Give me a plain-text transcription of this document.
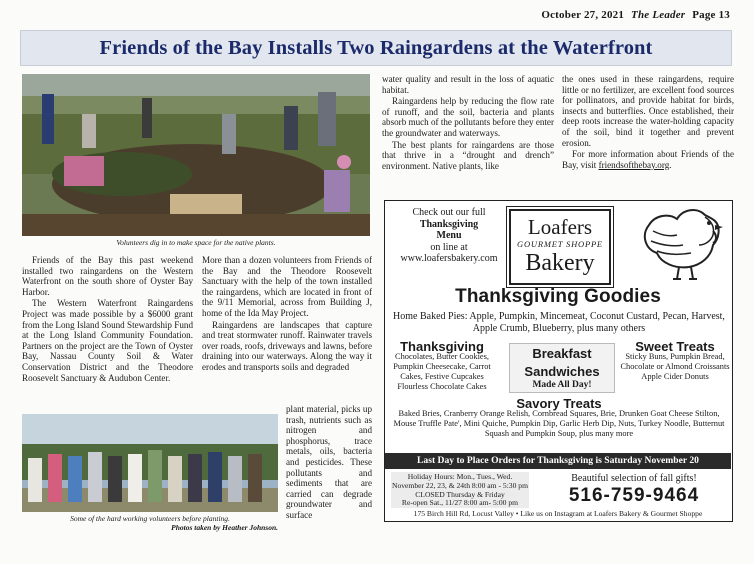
October 27, 2021 The Leader Page 13
Friends of the Bay Installs Two Raingardens at the Waterfront
Volunteers dig in to make space for the native plants.

Friends of the Bay this past weekend installed two raingardens on the Western Waterfront on the south shore of Oyster Bay Harbor.

The Western Waterfront Raingardens Project was made possible by a $6000 grant from the Long Island Sound Stewardship Fund at the Long Island Community Foundation. Partners on the project are the Town of Oyster Bay, Nassau County Soil & Water Conservation District and the Theodore Roosevelt Sanctuary & Audubon Center.

More than a dozen volunteers from Friends of the Bay and the Theodore Roosevelt Sanctuary with the help of the town installed the raingardens, which are located in front of the 9/11 Memorial, across from Building J, home of the Ida May Project.

Raingardens are landscapes that capture and treat stormwater runoff. Rainwater travels over roads, roofs, driveways and lawns, before draining into our waterways. Along the way it erodes and transports soils and degraded

Some of the hard working volunteers before planting.
Photos taken by Heather Johnson.

plant material, picks up trash, nutrients such as nitrogen and phosphorus, trace metals, oils, bacteria and pesticides. These pollutants and sediments that are carried can degrade groundwater and surface

water quality and result in the loss of aquatic habitat.

Raingardens help by reducing the flow rate of runoff, and the soil, bacteria and plants absorb much of the pollutants before they enter the groundwater and waterways.

The best plants for raingardens are those that thrive in a “drought and drench” environment. Native plants, like

the ones used in these raingardens, require little or no fertilizer, are excellent food sources for pollinators, and provide habitat for birds, insects and butterflies. Once established, their deep roots increase the water-holding capacity of the soil, bind it together and prevent erosion.

For more information about Friends of the Bay, visit friendsofthebay.org.

Check out our full
Thanksgiving
Menu
on line at
www.loafersbakery.com
Loafers
GOURMET SHOPPE
Bakery
Thanksgiving Goodies
Home Baked Pies: Apple, Pumpkin, Mincemeat, Coconut Custard, Pecan, Harvest, Apple Crumb, Blueberry, plus many others
Thanksgiving
Chocolates, Butter Cookies, Pumpkin Cheesecake, Carrot Cakes, Festive Cupcakes Flourless Chocolate Cakes
Breakfast
Sandwiches
Made All Day!
Sweet Treats
Sticky Buns, Pumpkin Bread, Chocolate or Almond Croissants Apple Cider Donuts
Savory Treats
Baked Bries, Cranberry Orange Relish, Cornbread Squares, Brie, Drunken Goat Cheese Stilton, Mouse Truffle Pate', Mini Quiche, Pumpkin Dip, Garlic Herb Dip, Nuts, Turkey Noodle, Butternut Squash and Pumpkin Soup, plus many more
Last Day to Place Orders for Thanksgiving is Saturday November 20
Holiday Hours: Mon., Tues., Wed.
November 22, 23, & 24th 8:00 am - 5:30 pm
CLOSED Thursday & Friday
Re-open Sat., 11/27 8:00 am- 5:00 pm
Beautiful selection of fall gifts!
516-759-9464
175 Birch Hill Rd, Locust Valley • Like us on Instagram at Loafers Bakery & Gourmet Shoppe
